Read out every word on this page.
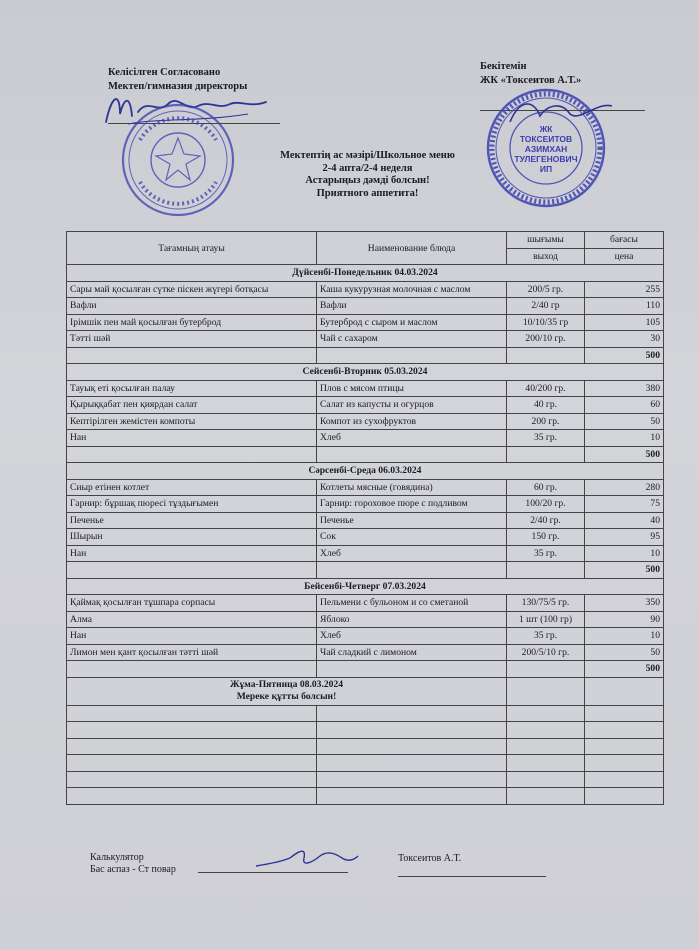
Келісілген Согласовано
Мектеп/гимназия директоры
Бекітемін
ЖК «Токсеитов А.Т.»
ЖК
ТОКСЕИТОВ
АЗИМХАН
ТУЛЕГЕНОВИЧ
ИП
Мектептің ас мәзірі/Школьное меню
2-4 апта/2-4 неделя
Астарыңыз дәмді болсын!
Приятного аппетита!
Тағамның атауы	Наименование блюда	шығымы	бағасы
		выход	цена
Дүйсенбі-Понедельник 04.03.2024			
Сары май қосылған сүтке піскен жүгері ботқасы	Каша кукурузная молочная с маслом	200/5 гр.	255
Вафли	Вафли	2/40 гр	110
Ірімшік пен май қосылған бутерброд	Бутерброд с сыром и маслом	10/10/35 гр	105
Тәтті шәй	Чай с сахаром	200/10 гр.	30
			500
Сейсенбі-Вторник 05.03.2024			
Тауық еті қосылған палау	Плов с мясом птицы	40/200 гр.	380
Қырыққабат пен қиярдан салат	Салат из капусты и огурцов	40 гр.	60
Кептірілген жемістен компоты	Компот из сухофруктов	200 гр.	50
Нан	Хлеб	35 гр.	10
			500
Сәрсенбі-Среда 06.03.2024			
Сиыр етінен котлет	Котлеты мясные (говядина)	60 гр.	280
Гарнир: бұршақ пюресі тұздығымен	Гарнир: гороховое пюре с подливом	100/20 гр.	75
Печенье	Печенье	2/40 гр.	40
Шырын	Сок	150 гр.	95
Нан	Хлеб	35 гр.	10
			500
Бейсенбі-Четверг 07.03.2024			
Қаймақ қосылған тұшпара сорпасы	Пельмени с бульоном и со сметаной	130/75/5 гр.	350
Алма	Яблоко	1 шт (100 гр)	90
Нан	Хлеб	35 гр.	10
Лимон мен қант қосылған тәтті шәй	Чай сладкий с лимоном	200/5/10 гр.	50
			500

Жұма-Пятница 08.03.2024
Мереке құтты болсын!			

Калькулятор
Бас аспаз - Ст повар
Токсеитов А.Т.
